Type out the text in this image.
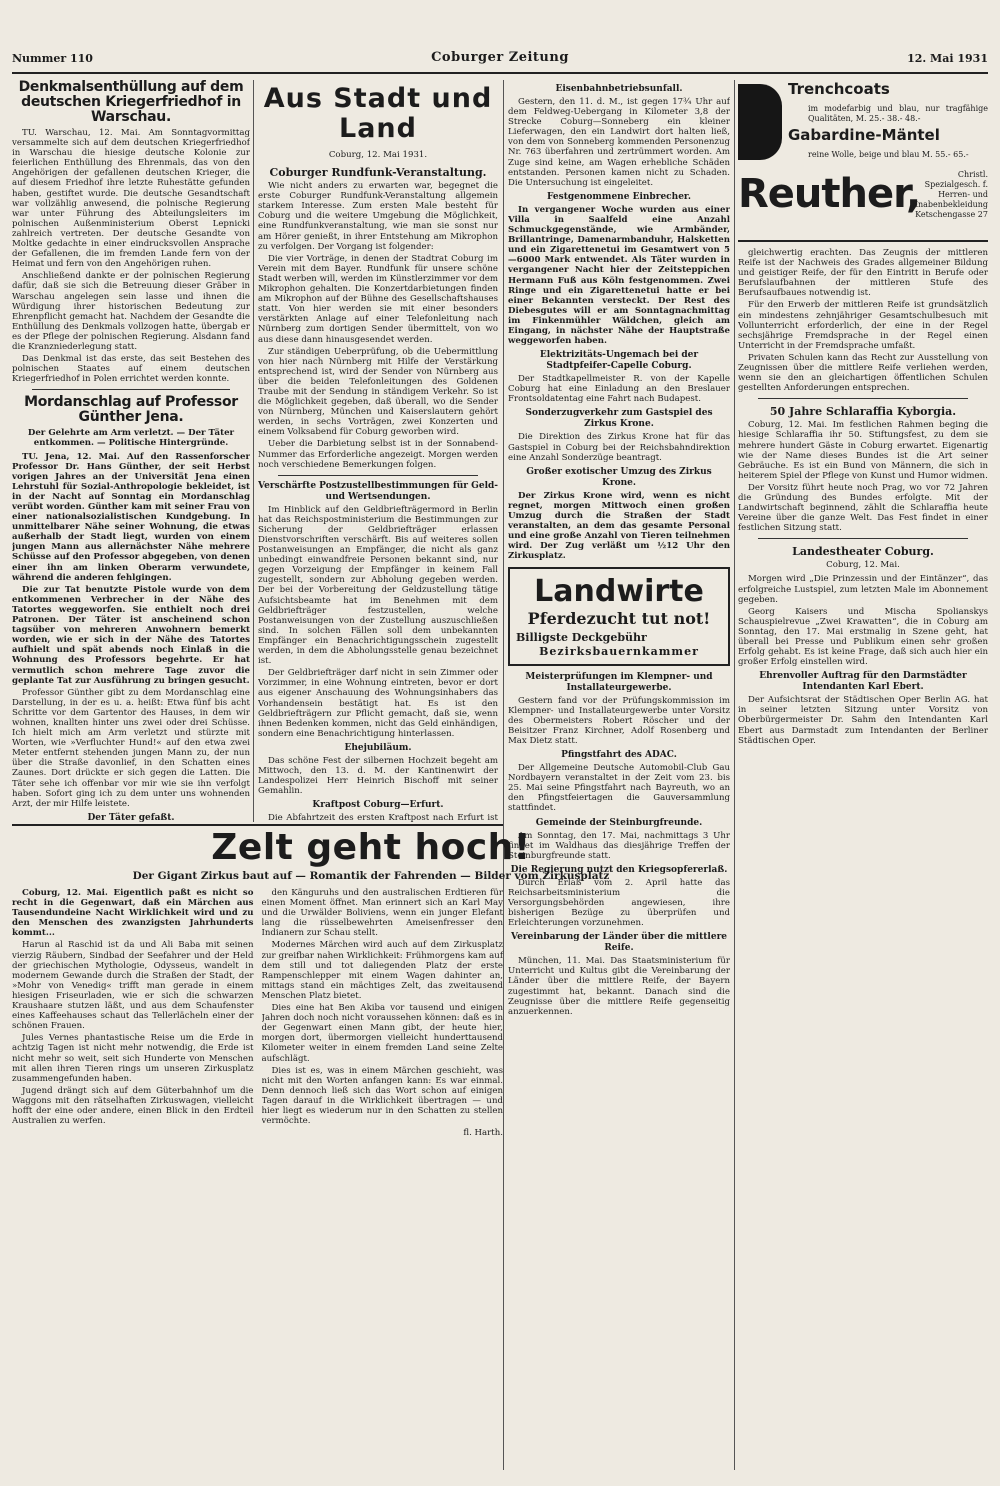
Nummer 110	Coburger Zeitung	12. Mai 1931
Denkmalsenthüllung auf dem deutschen Kriegerfriedhof in Warschau.

TU. Warschau, 12. Mai. Am Sonntagvormittag versammelte sich auf dem deutschen Kriegerfriedhof in Warschau die hiesige deutsche Kolonie zur feierlichen Enthüllung des Ehrenmals, das von den Angehörigen der gefallenen deutschen Krieger, die auf diesem Friedhof ihre letzte Ruhestätte gefunden haben, gestiftet wurde. Die deutsche Gesandtschaft war vollzählig anwesend, die polnische Regierung war unter Führung des Abteilungsleiters im polnischen Außenministerium Oberst Lepnicki zahlreich vertreten. Der deutsche Gesandte von Moltke gedachte in einer eindrucksvollen Ansprache der Gefallenen, die im fremden Lande fern von der Heimat und fern von den Angehörigen ruhen.

Anschließend dankte er der polnischen Regierung dafür, daß sie sich die Betreuung dieser Gräber in Warschau angelegen sein lasse und ihnen die Würdigung ihrer historischen Bedeutung zur Ehrenpflicht gemacht hat. Nachdem der Gesandte die Enthüllung des Denkmals vollzogen hatte, übergab er es der Pflege der polnischen Regierung. Alsdann fand die Kranzniederlegung statt.

Das Denkmal ist das erste, das seit Bestehen des polnischen Staates auf einem deutschen Kriegerfriedhof in Polen errichtet werden konnte.

Mordanschlag auf Professor Günther Jena.
Der Gelehrte am Arm verletzt. — Der Täter entkommen. — Politische Hintergründe.

TU. Jena, 12. Mai. Auf den Rassenforscher Professor Dr. Hans Günther, der seit Herbst vorigen Jahres an der Universität Jena einen Lehrstuhl für Sozial-Anthropologie bekleidet, ist in der Nacht auf Sonntag ein Mordanschlag verübt worden. Günther kam mit seiner Frau von einer nationalsozialistischen Kundgebung. In unmittelbarer Nähe seiner Wohnung, die etwas außerhalb der Stadt liegt, wurden von einem jungen Mann aus allernächster Nähe mehrere Schüsse auf den Professor abgegeben, von denen einer ihn am linken Oberarm verwundete, während die anderen fehlgingen.

Die zur Tat benutzte Pistole wurde von dem entkommenen Verbrecher in der Nähe des Tatortes weggeworfen. Sie enthielt noch drei Patronen. Der Täter ist anscheinend schon tagsüber von mehreren Anwohnern bemerkt worden, wie er sich in der Nähe des Tatortes aufhielt und spät abends noch Einlaß in die Wohnung des Professors begehrte. Er hat vermutlich schon mehrere Tage zuvor die geplante Tat zur Ausführung zu bringen gesucht.

Professor Günther gibt zu dem Mordanschlag eine Darstellung, in der es u. a. heißt: Etwa fünf bis acht Schritte vor dem Gartentor des Hauses, in dem wir wohnen, knallten hinter uns zwei oder drei Schüsse. Ich hielt mich am Arm verletzt und stürzte mit Worten, wie »Verfluchter Hund!« auf den etwa zwei Meter entfernt stehenden jungen Mann zu, der nun über die Straße davonlief, in den Schatten eines Zaunes. Dort drückte er sich gegen die Latten. Die Täter sehe ich offenbar vor mir wie sie ihn verfolgt haben. Sofort ging ich zu dem unter uns wohnenden Arzt, der mir Hilfe leistete.

Der Täter gefaßt.

Aus Stadt und Land
Coburg, 12. Mai 1931.
Coburger Rundfunk-Veranstaltung.

Wie nicht anders zu erwarten war, begegnet die erste Coburger Rundfunk-Veranstaltung allgemein starkem Interesse. Zum ersten Male besteht für Coburg und die weitere Umgebung die Möglichkeit, eine Rundfunkveranstaltung, wie man sie sonst nur am Hörer genießt, in ihrer Entstehung am Mikrophon zu verfolgen. Der Vorgang ist folgender:

Die vier Vorträge, in denen der Stadtrat Coburg im Verein mit dem Bayer. Rundfunk für unsere schöne Stadt werben will, werden im Künstlerzimmer vor dem Mikrophon gehalten. Die Konzertdarbietungen finden am Mikrophon auf der Bühne des Gesellschaftshauses statt. Von hier werden sie mit einer besonders verstärkten Anlage auf einer Telefonleitung nach Nürnberg zum dortigen Sender übermittelt, von wo aus diese dann hinausgesendet werden.

Zur ständigen Ueberprüfung, ob die Uebermittlung von hier nach Nürnberg mit Hilfe der Verstärkung entsprechend ist, wird der Sender von Nürnberg aus über die beiden Telefonleitungen des Goldenen Traube mit der Sendung in ständigem Verkehr. So ist die Möglichkeit gegeben, daß überall, wo die Sender von Nürnberg, München und Kaiserslautern gehört werden, in sechs Vorträgen, zwei Konzerten und einem Volksabend für Coburg geworben wird.

Ueber die Darbietung selbst ist in der Sonnabend-Nummer das Erforderliche angezeigt. Morgen werden noch verschiedene Bemerkungen folgen.

Verschärfte Postzustellbestimmungen für Geld- und Wertsendungen.

Im Hinblick auf den Geldbriefträgermord in Berlin hat das Reichspostministerium die Bestimmungen zur Sicherung der Geldbriefträger erlassen Dienstvorschriften verschärft. Bis auf weiteres sollen Postanweisungen an Empfänger, die nicht als ganz unbedingt einwandfreie Personen bekannt sind, nur gegen Vorzeigung der Empfänger in keinem Fall zugestellt, sondern zur Abholung gegeben werden. Der bei der Vorbereitung der Geldzustellung tätige Aufsichtsbeamte hat im Benehmen mit dem Geldbriefträger festzustellen, welche Postanweisungen von der Zustellung auszuschließen sind. In solchen Fällen soll dem unbekannten Empfänger ein Benachrichtigungsschein zugestellt werden, in dem die Abholungsstelle genau bezeichnet ist.

Der Geldbriefträger darf nicht in sein Zimmer oder Vorzimmer, in eine Wohnung eintreten, bevor er dort aus eigener Anschauung des Wohnungsinhabers das Vorhandensein bestätigt hat. Es ist den Geldbriefträgern zur Pflicht gemacht, daß sie, wenn ihnen Bedenken kommen, nicht das Geld einhändigen, sondern eine Benachrichtigung hinterlassen.

Ehejubiläum.

Das schöne Fest der silbernen Hochzeit begeht am Mittwoch, den 13. d. M. der Kantinenwirt der Landespolizei Herr Heinrich Bischoff mit seiner Gemahlin.

Kraftpost Coburg—Erfurt.

Die Abfahrtzeit des ersten Kraftpost nach Erfurt ist

Eisenbahnbetriebsunfall.

Gestern, den 11. d. M., ist gegen 17¾ Uhr auf dem Feldweg-Uebergang in Kilometer 3,8 der Strecke Coburg—Sonneberg ein kleiner Lieferwagen, den ein Landwirt dort halten ließ, von dem von Sonneberg kommenden Personenzug Nr. 763 überfahren und zertrümmert worden. Am Zuge sind keine, am Wagen erhebliche Schäden entstanden. Personen kamen nicht zu Schaden. Die Untersuchung ist eingeleitet.

Festgenommene Einbrecher.

In vergangener Woche wurden aus einer Villa in Saalfeld eine Anzahl Schmuckgegenstände, wie Armbänder, Brillantringe, Damenarmbanduhr, Halsketten und ein Zigarettenetui im Gesamtwert von 5—6000 Mark entwendet. Als Täter wurden in vergangener Nacht hier der Zeitsteppichen Hermann Fuß aus Köln festgenommen. Zwei Ringe und ein Zigarettenetui hatte er bei einer Bekannten versteckt. Der Rest des Diebesgutes will er am Sonntagnachmittag im Finkenmühler Wäldchen, gleich am Eingang, in nächster Nähe der Hauptstraße weggeworfen haben.

Elektrizitäts-Ungemach bei der Stadtpfeifer-Capelle Coburg.

Der Stadtkapellmeister R. von der Kapelle Coburg hat eine Einladung an den Breslauer Frontsoldatentag eine Fahrt nach Budapest.

Sonderzugverkehr zum Gastspiel des Zirkus Krone.

Die Direktion des Zirkus Krone hat für das Gastspiel in Coburg bei der Reichsbahndirektion eine Anzahl Sonderzüge beantragt.

Großer exotischer Umzug des Zirkus Krone.

Der Zirkus Krone wird, wenn es nicht regnet, morgen Mittwoch einen großen Umzug durch die Straßen der Stadt veranstalten, an dem das gesamte Personal und eine große Anzahl von Tieren teilnehmen wird. Der Zug verläßt um ½12 Uhr den Zirkusplatz.

Landwirte
Pferdezucht tut not!
Billigste Deckgebühr
Bezirksbauernkammer
Meisterprüfungen im Klempner- und Installateurgewerbe.

Gestern fand vor der Prüfungskommission im Klempner- und Installateurgewerbe unter Vorsitz des Obermeisters Robert Röscher und der Beisitzer Franz Kirchner, Adolf Rosenberg und Max Dietz statt.

Pfingstfahrt des ADAC.

Der Allgemeine Deutsche Automobil-Club Gau Nordbayern veranstaltet in der Zeit vom 23. bis 25. Mai seine Pfingstfahrt nach Bayreuth, wo an den Pfingstfeiertagen die Gauversammlung stattfindet.

Gemeinde der Steinburgfreunde.

Am Sonntag, den 17. Mai, nachmittags 3 Uhr findet im Waldhaus das diesjährige Treffen der Steinburgfreunde statt.

Die Regierung nutzt den Kriegsopfererlaß.

Durch Erlaß vom 2. April hatte das Reichsarbeitsministerium die Versorgungsbehörden angewiesen, ihre bisherigen Bezüge zu überprüfen und Erleichterungen vorzunehmen.

Vereinbarung der Länder über die mittlere Reife.

München, 11. Mai. Das Staatsministerium für Unterricht und Kultus gibt die Vereinbarung der Länder über die mittlere Reife, der Bayern zugestimmt hat, bekannt. Danach sind die Zeugnisse über die mittlere Reife gegenseitig anzuerkennen.

Trenchcoats
im modefarbig und blau, nur tragfähige Qualitäten, M. 25.- 38.- 48.-
Gabardine-Mäntel
reine Wolle, beige und blau M. 55.- 65.-
Reuther,	Christl. Spezialgesch. f. Herren- und Knabenbekleidung Ketschengasse 27

gleichwertig erachten. Das Zeugnis der mittleren Reife ist der Nachweis des Grades allgemeiner Bildung und geistiger Reife, der für den Eintritt in Berufe oder Berufslaufbahnen der mittleren Stufe des Berufsaufbaues notwendig ist.

Für den Erwerb der mittleren Reife ist grundsätzlich ein mindestens zehnjähriger Gesamtschulbesuch mit Vollunterricht erforderlich, der eine in der Regel sechsjährige Fremdsprache in der Regel einen Unterricht in der Fremdsprache umfaßt.

Privaten Schulen kann das Recht zur Ausstellung von Zeugnissen über die mittlere Reife verliehen werden, wenn sie den an gleichartigen öffentlichen Schulen gestellten Anforderungen entsprechen.

50 Jahre Schlaraffia Kyborgia.

Coburg, 12. Mai. Im festlichen Rahmen beging die hiesige Schlaraffia ihr 50. Stiftungsfest, zu dem sie mehrere hundert Gäste in Coburg erwartet. Eigenartig wie der Name dieses Bundes ist die Art seiner Gebräuche. Es ist ein Bund von Männern, die sich in heiterem Spiel der Pflege von Kunst und Humor widmen.

Der Vorsitz führt heute noch Prag, wo vor 72 Jahren die Gründung des Bundes erfolgte. Mit der Landwirtschaft beginnend, zählt die Schlaraffia heute Vereine über die ganze Welt. Das Fest findet in einer festlichen Sitzung statt.

Landestheater Coburg.
Coburg, 12. Mai.

Morgen wird „Die Prinzessin und der Eintänzer“, das erfolgreiche Lustspiel, zum letzten Male im Abonnement gegeben.

Georg Kaisers und Mischa Spolianskys Schauspielrevue „Zwei Krawatten“, die in Coburg am Sonntag, den 17. Mai erstmalig in Szene geht, hat überall bei Presse und Publikum einen sehr großen Erfolg gehabt. Es ist keine Frage, daß sich auch hier ein großer Erfolg einstellen wird.

Ehrenvoller Auftrag für den Darmstädter Intendanten Karl Ebert.

Der Aufsichtsrat der Städtischen Oper Berlin AG. hat in seiner letzten Sitzung unter Vorsitz von Oberbürgermeister Dr. Sahm den Intendanten Karl Ebert aus Darmstadt zum Intendanten der Berliner Städtischen Oper.

Zelt geht hoch!
Der Gigant Zirkus baut auf — Romantik der Fahrenden — Bilder vom Zirkusplatz

Coburg, 12. Mai. Eigentlich paßt es nicht so recht in die Gegenwart, daß ein Märchen aus Tausendundeine Nacht Wirklichkeit wird und zu den Menschen des zwanzigsten Jahrhunderts kommt...

Harun al Raschid ist da und Ali Baba mit seinen vierzig Räubern, Sindbad der Seefahrer und der Held der griechischen Mythologie, Odysseus, wandelt in modernem Gewande durch die Straßen der Stadt, der »Mohr von Venedig« trifft man gerade in einem hiesigen Friseurladen, wie er sich die schwarzen Kraushaare stutzen läßt, und aus dem Schaufenster eines Kaffeehauses schaut das Tellerlächeln einer der schönen Frauen.

Jules Vernes phantastische Reise um die Erde in achtzig Tagen ist nicht mehr notwendig, die Erde ist nicht mehr so weit, seit sich Hunderte von Menschen mit allen ihren Tieren rings um unseren Zirkusplatz zusammengefunden haben.

Jugend drängt sich auf dem Güterbahnhof um die Waggons mit den rätselhaften Zirkuswagen, vielleicht hofft der eine oder andere, einen Blick in den Erdteil Australien zu werfen.

den Känguruhs und den australischen Erdtieren für einen Moment öffnet. Man erinnert sich an Karl May und die Urwälder Boliviens, wenn ein junger Elefant lang die rüsselbewehrten Ameisenfresser den Indianern zur Schau stellt.

Modernes Märchen wird auch auf dem Zirkusplatz zur greifbar nahen Wirklichkeit: Frühmorgens kam auf dem still und tot daliegenden Platz der erste Rampenschlepper mit einem Wagen dahinter an, mittags stand ein mächtiges Zelt, das zweitausend Menschen Platz bietet.

Dies eine hat Ben Akiba vor tausend und einigen Jahren doch noch nicht voraussehen können: daß es in der Gegenwart einen Mann gibt, der heute hier, morgen dort, übermorgen vielleicht hunderttausend Kilometer weiter in einem fremden Land seine Zelte aufschlägt.

Dies ist es, was in einem Märchen geschieht, was nicht mit den Worten anfangen kann: Es war einmal. Denn dennoch ließ sich das Wort schon auf einigen Tagen darauf in die Wirklichkeit übertragen — und hier liegt es wiederum nur in den Schatten zu stellen vermöchte.

fl. Harth.
